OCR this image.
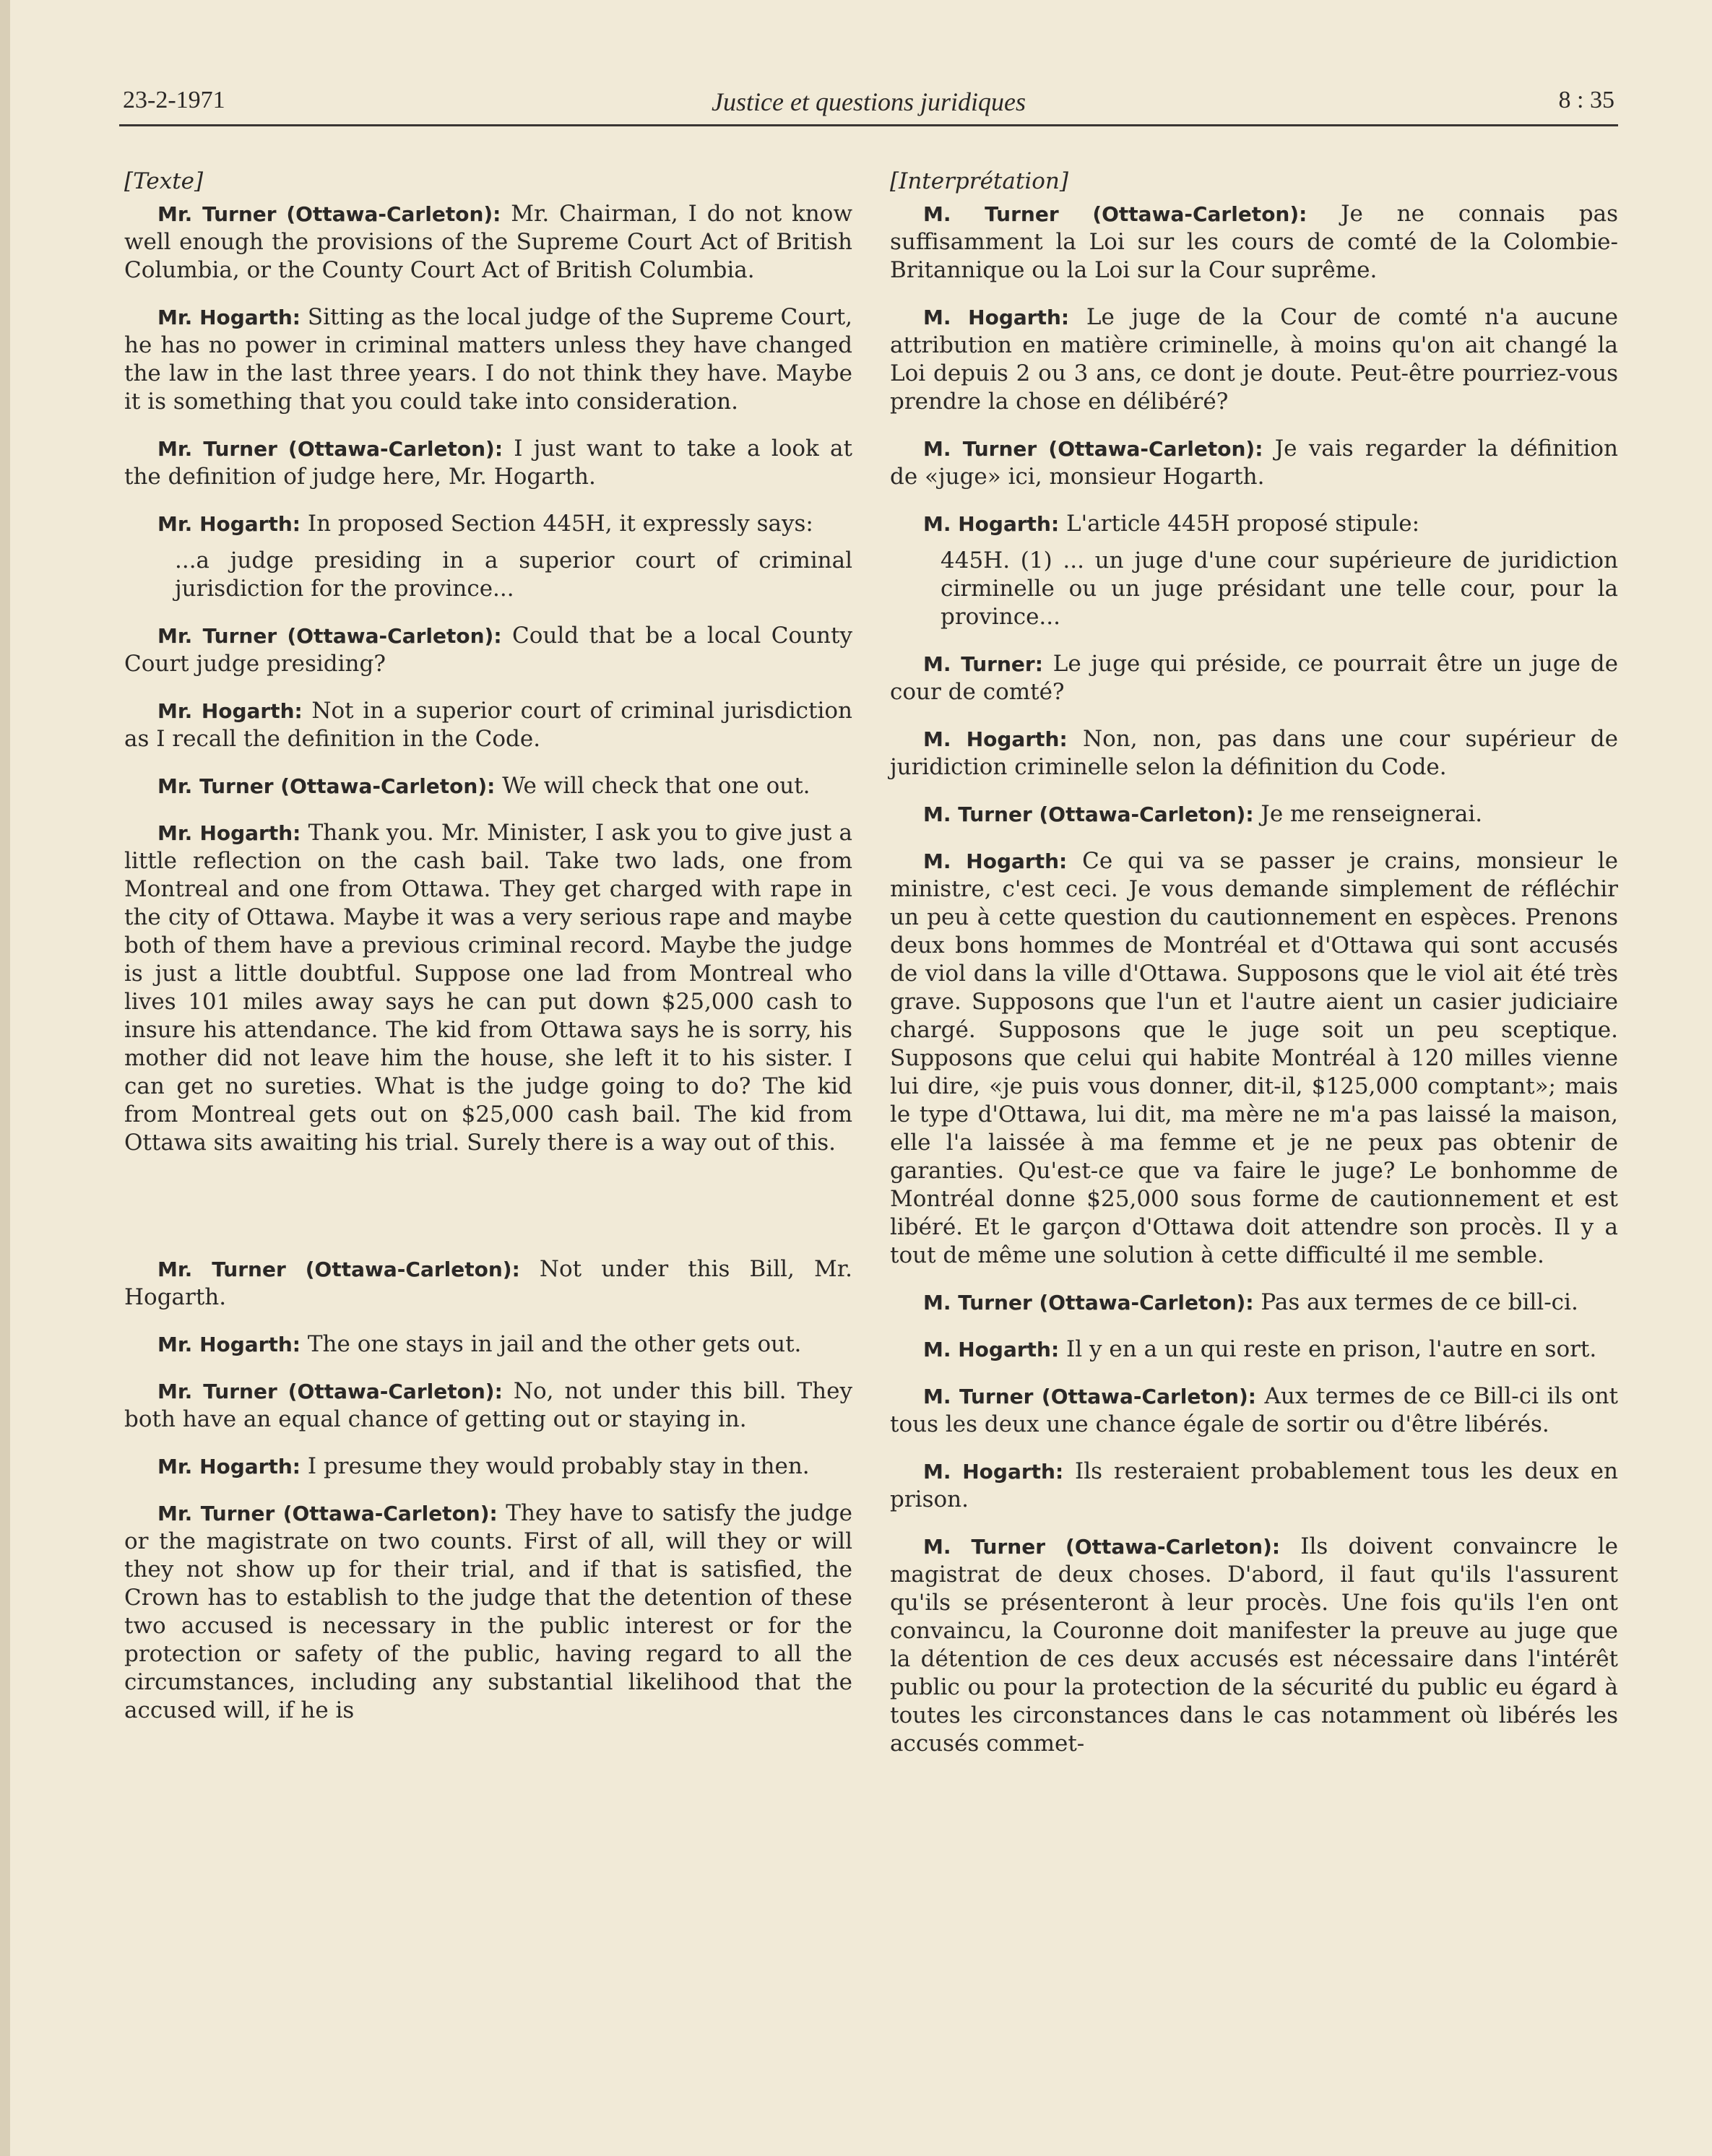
23-2-1971	Justice et questions juridiques	8 : 35
[Texte]

Mr. Turner (Ottawa-Carleton): Mr. Chairman, I do not know well enough the provisions of the Supreme Court Act of British Columbia, or the County Court Act of British Columbia.

Mr. Hogarth: Sitting as the local judge of the Supreme Court, he has no power in criminal matters unless they have changed the law in the last three years. I do not think they have. Maybe it is something that you could take into consideration.

Mr. Turner (Ottawa-Carleton): I just want to take a look at the definition of judge here, Mr. Hogarth.

Mr. Hogarth: In proposed Section 445H, it expressly says:

...a judge presiding in a superior court of criminal jurisdiction for the province...

Mr. Turner (Ottawa-Carleton): Could that be a local County Court judge presiding?

Mr. Hogarth: Not in a superior court of criminal jurisdiction as I recall the definition in the Code.

Mr. Turner (Ottawa-Carleton): We will check that one out.

Mr. Hogarth: Thank you. Mr. Minister, I ask you to give just a little reflection on the cash bail. Take two lads, one from Montreal and one from Ottawa. They get charged with rape in the city of Ottawa. Maybe it was a very serious rape and maybe both of them have a previous criminal record. Maybe the judge is just a little doubtful. Suppose one lad from Montreal who lives 101 miles away says he can put down $25,000 cash to insure his attendance. The kid from Ottawa says he is sorry, his mother did not leave him the house, she left it to his sister. I can get no sureties. What is the judge going to do? The kid from Montreal gets out on $25,000 cash bail. The kid from Ottawa sits awaiting his trial. Surely there is a way out of this.

Mr. Turner (Ottawa-Carleton): Not under this Bill, Mr. Hogarth.

Mr. Hogarth: The one stays in jail and the other gets out.

Mr. Turner (Ottawa-Carleton): No, not under this bill. They both have an equal chance of getting out or staying in.

Mr. Hogarth: I presume they would probably stay in then.

Mr. Turner (Ottawa-Carleton): They have to satisfy the judge or the magistrate on two counts. First of all, will they or will they not show up for their trial, and if that is satisfied, the Crown has to establish to the judge that the detention of these two accused is necessary in the public interest or for the protection or safety of the public, having regard to all the circumstances, including any substantial likelihood that the accused will, if he is

[Interprétation]

M. Turner (Ottawa-Carleton): Je ne connais pas suffisamment la Loi sur les cours de comté de la Colombie-Britannique ou la Loi sur la Cour suprême.

M. Hogarth: Le juge de la Cour de comté n'a aucune attribution en matière criminelle, à moins qu'on ait changé la Loi depuis 2 ou 3 ans, ce dont je doute. Peut-être pourriez-vous prendre la chose en délibéré?

M. Turner (Ottawa-Carleton): Je vais regarder la définition de «juge» ici, monsieur Hogarth.

M. Hogarth: L'article 445H proposé stipule:

445H. (1) ... un juge d'une cour supérieure de juridiction cirminelle ou un juge présidant une telle cour, pour la province...

M. Turner: Le juge qui préside, ce pourrait être un juge de cour de comté?

M. Hogarth: Non, non, pas dans une cour supérieur de juridiction criminelle selon la définition du Code.

M. Turner (Ottawa-Carleton): Je me renseignerai.

M. Hogarth: Ce qui va se passer je crains, monsieur le ministre, c'est ceci. Je vous demande simplement de réfléchir un peu à cette question du cautionnement en espèces. Prenons deux bons hommes de Montréal et d'Ottawa qui sont accusés de viol dans la ville d'Ottawa. Supposons que le viol ait été très grave. Supposons que l'un et l'autre aient un casier judiciaire chargé. Supposons que le juge soit un peu sceptique. Supposons que celui qui habite Montréal à 120 milles vienne lui dire, «je puis vous donner, dit-il, $125,000 comptant»; mais le type d'Ottawa, lui dit, ma mère ne m'a pas laissé la maison, elle l'a laissée à ma femme et je ne peux pas obtenir de garanties. Qu'est-ce que va faire le juge? Le bonhomme de Montréal donne $25,000 sous forme de cautionnement et est libéré. Et le garçon d'Ottawa doit attendre son procès. Il y a tout de même une solution à cette difficulté il me semble.

M. Turner (Ottawa-Carleton): Pas aux termes de ce bill-ci.

M. Hogarth: Il y en a un qui reste en prison, l'autre en sort.

M. Turner (Ottawa-Carleton): Aux termes de ce Bill-ci ils ont tous les deux une chance égale de sortir ou d'être libérés.

M. Hogarth: Ils resteraient probablement tous les deux en prison.

M. Turner (Ottawa-Carleton): Ils doivent convaincre le magistrat de deux choses. D'abord, il faut qu'ils l'assurent qu'ils se présenteront à leur procès. Une fois qu'ils l'en ont convaincu, la Couronne doit manifester la preuve au juge que la détention de ces deux accusés est nécessaire dans l'intérêt public ou pour la protection de la sécurité du public eu égard à toutes les circonstances dans le cas notamment où libérés les accusés commet-
